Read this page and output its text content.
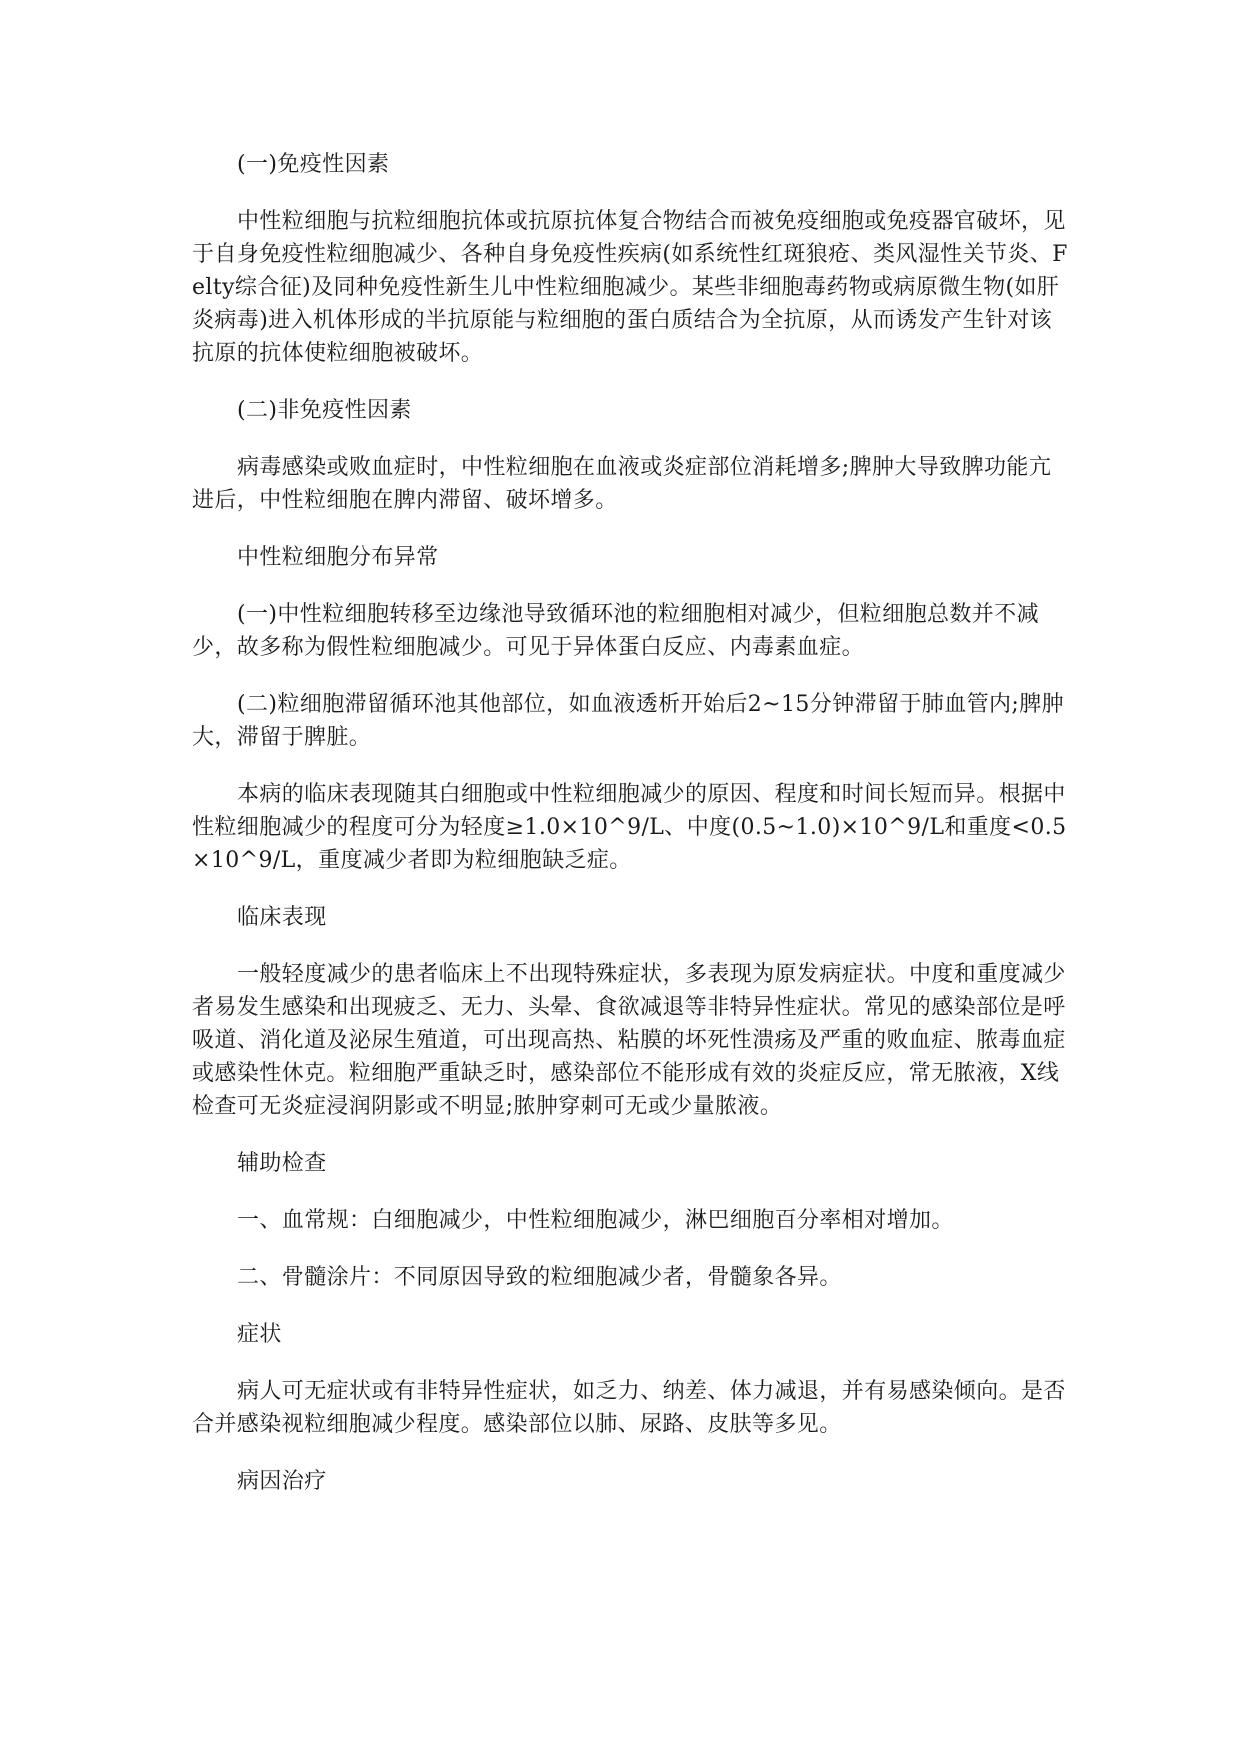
(一)免疫性因素

中性粒细胞与抗粒细胞抗体或抗原抗体复合物结合而被免疫细胞或免疫器官破坏，见于自身免疫性粒细胞减少、各种自身免疫性疾病(如系统性红斑狼疮、类风湿性关节炎、Felty综合征)及同种免疫性新生儿中性粒细胞减少。某些非细胞毒药物或病原微生物(如肝炎病毒)进入机体形成的半抗原能与粒细胞的蛋白质结合为全抗原，从而诱发产生针对该抗原的抗体使粒细胞被破坏。

(二)非免疫性因素

病毒感染或败血症时，中性粒细胞在血液或炎症部位消耗增多;脾肿大导致脾功能亢进后，中性粒细胞在脾内滞留、破坏增多。

中性粒细胞分布异常

(一)中性粒细胞转移至边缘池导致循环池的粒细胞相对减少，但粒细胞总数并不减少，故多称为假性粒细胞减少。可见于异体蛋白反应、内毒素血症。

(二)粒细胞滞留循环池其他部位，如血液透析开始后2~15分钟滞留于肺血管内;脾肿大，滞留于脾脏。

本病的临床表现随其白细胞或中性粒细胞减少的原因、程度和时间长短而异。根据中性粒细胞减少的程度可分为轻度≥1.0×10^9/L、中度(0.5~1.0)×10^9/L和重度<0.5×10^9/L，重度减少者即为粒细胞缺乏症。

临床表现

一般轻度减少的患者临床上不出现特殊症状，多表现为原发病症状。中度和重度减少者易发生感染和出现疲乏、无力、头晕、食欲减退等非特异性症状。常见的感染部位是呼吸道、消化道及泌尿生殖道，可出现高热、粘膜的坏死性溃疡及严重的败血症、脓毒血症或感染性休克。粒细胞严重缺乏时，感染部位不能形成有效的炎症反应，常无脓液，X线检查可无炎症浸润阴影或不明显;脓肿穿刺可无或少量脓液。

辅助检查

一、血常规：白细胞减少，中性粒细胞减少，淋巴细胞百分率相对增加。

二、骨髓涂片：不同原因导致的粒细胞减少者，骨髓象各异。

症状

病人可无症状或有非特异性症状，如乏力、纳差、体力减退，并有易感染倾向。是否合并感染视粒细胞减少程度。感染部位以肺、尿路、皮肤等多见。

病因治疗
